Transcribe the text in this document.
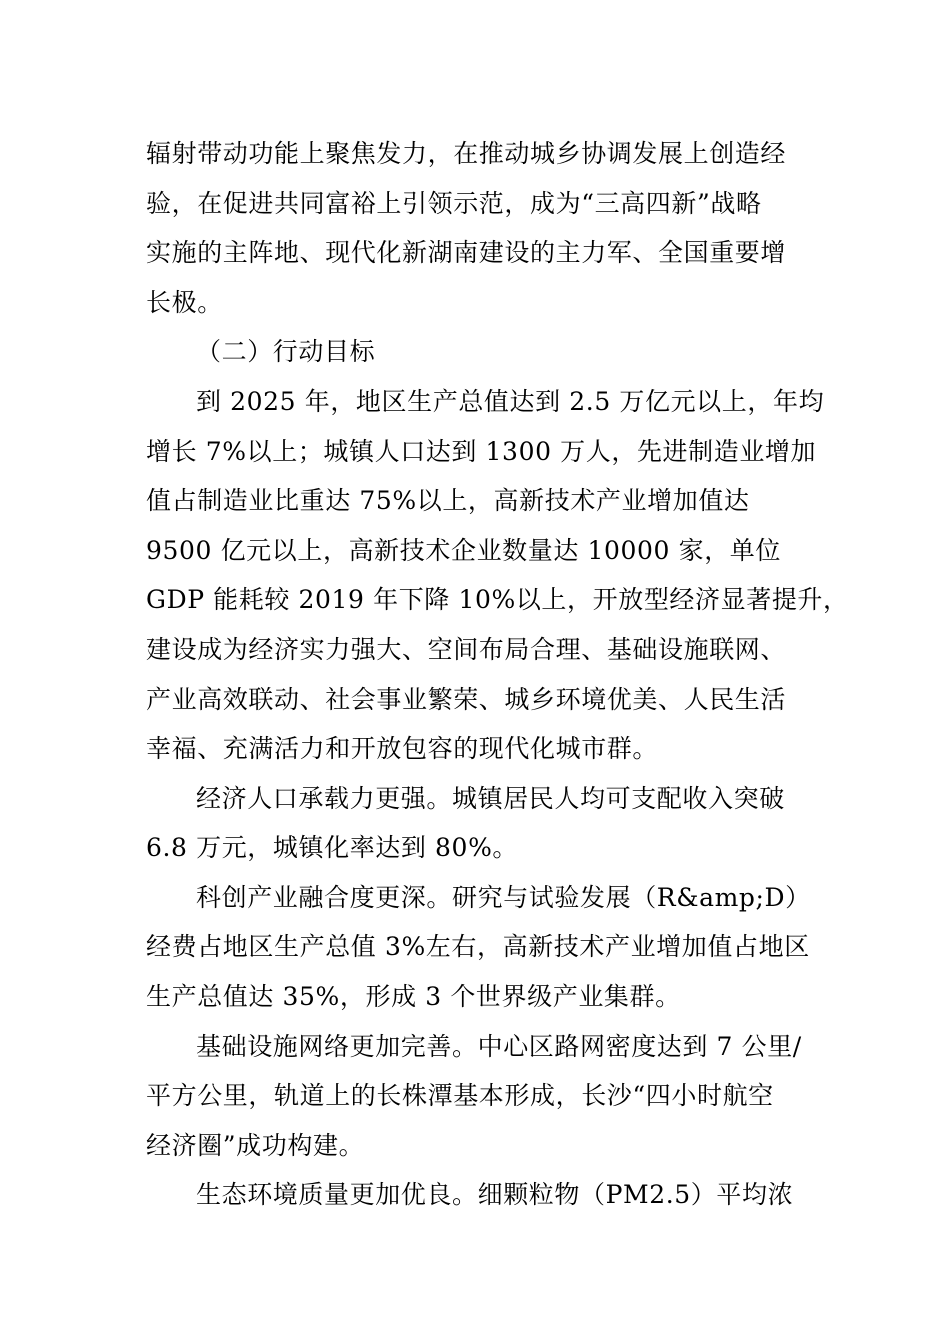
辐射带动功能上聚焦发力，在推动城乡协调发展上创造经
验，在促进共同富裕上引领示范，成为“三高四新”战略
实施的主阵地、现代化新湖南建设的主力军、全国重要增
长极。
（二）行动目标
到 2025 年，地区生产总值达到 2.5 万亿元以上，年均
增长 7%以上；城镇人口达到 1300 万人，先进制造业增加
值占制造业比重达 75%以上，高新技术产业增加值达
9500 亿元以上，高新技术企业数量达 10000 家，单位
GDP 能耗较 2019 年下降 10%以上，开放型经济显著提升，
建设成为经济实力强大、空间布局合理、基础设施联网、
产业高效联动、社会事业繁荣、城乡环境优美、人民生活
幸福、充满活力和开放包容的现代化城市群。
经济人口承载力更强。城镇居民人均可支配收入突破
6.8 万元，城镇化率达到 80%。
科创产业融合度更深。研究与试验发展（R&amp;D）
经费占地区生产总值 3%左右，高新技术产业增加值占地区
生产总值达 35%，形成 3 个世界级产业集群。
基础设施网络更加完善。中心区路网密度达到 7 公里/
平方公里，轨道上的长株潭基本形成，长沙“四小时航空
经济圈”成功构建。
生态环境质量更加优良。细颗粒物（PM2.5）平均浓
